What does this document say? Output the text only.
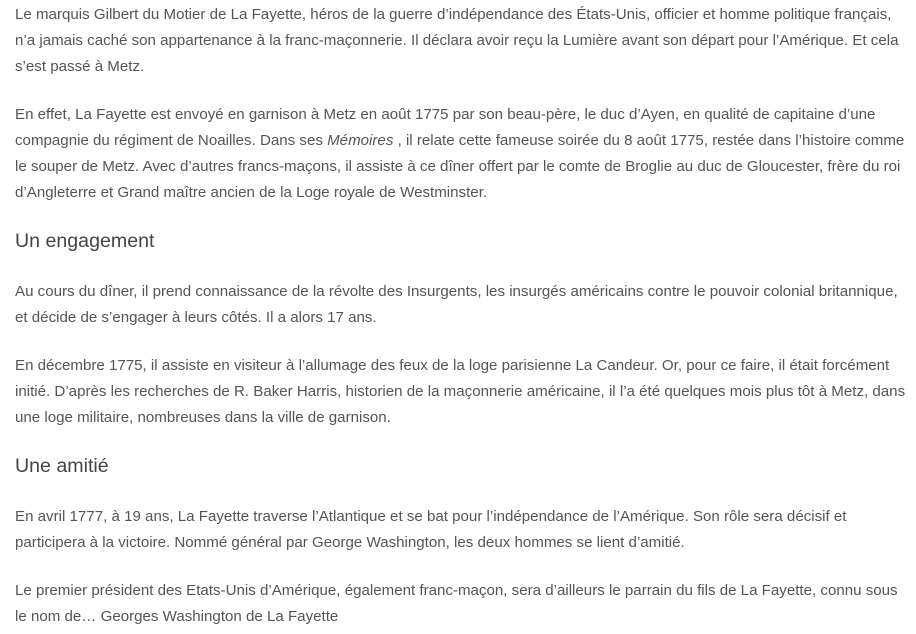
Le marquis Gilbert du Motier de La Fayette, héros de la guerre d’indépendance des États-Unis, officier et homme politique français, n’a jamais caché son appartenance à la franc-maçonnerie. Il déclara avoir reçu la Lumière avant son départ pour l’Amérique. Et cela s’est passé à Metz.

En effet, La Fayette est envoyé en garnison à Metz en août 1775 par son beau-père, le duc d’Ayen, en qualité de capitaine d’une compagnie du régiment de Noailles. Dans ses Mémoires , il relate cette fameuse soirée du 8 août 1775, restée dans l’histoire comme le souper de Metz. Avec d’autres francs-maçons, il assiste à ce dîner offert par le comte de Broglie au duc de Gloucester, frère du roi d’Angleterre et Grand maître ancien de la Loge royale de Westminster.

Un engagement

Au cours du dîner, il prend connaissance de la révolte des Insurgents, les insurgés américains contre le pouvoir colonial britannique, et décide de s’engager à leurs côtés. Il a alors 17 ans.

En décembre 1775, il assiste en visiteur à l’allumage des feux de la loge parisienne La Candeur. Or, pour ce faire, il était forcément initié. D’après les recherches de R. Baker Harris, historien de la maçonnerie américaine, il l’a été quelques mois plus tôt à Metz, dans une loge militaire, nombreuses dans la ville de garnison.

Une amitié

En avril 1777, à 19 ans, La Fayette traverse l’Atlantique et se bat pour l’indépendance de l’Amérique. Son rôle sera décisif et participera à la victoire. Nommé général par George Washington, les deux hommes se lient d’amitié.

Le premier président des Etats-Unis d’Amérique, également franc-maçon, sera d’ailleurs le parrain du fils de La Fayette, connu sous le nom de… Georges Washington de La Fayette
